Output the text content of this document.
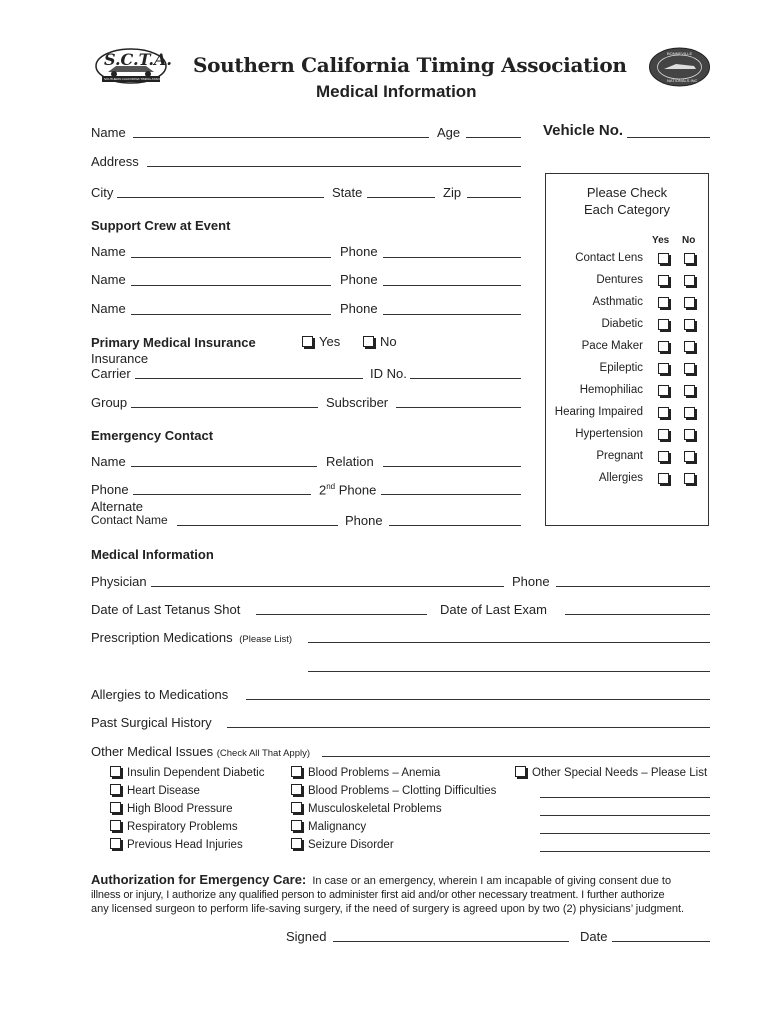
S.C.T.A.
SOUTHERN CALIFORNIA TIMING ASSOCIATION
Southern California Timing Association
Medical Information
BONNEVILLE
NATIONALS INC
Name	Age	Vehicle No.
Address
City	State	Zip
Support Crew at Event
Name	Phone
Name	Phone
Name	Phone
Primary Medical Insurance	Yes	No
Insurance
Carrier	ID No.
Group	Subscriber
Emergency Contact
Name	Relation
Phone	2nd Phone
Alternate
Contact Name	Phone
Please Check
Each Category
Yes No
Contact Lens
Dentures
Asthmatic
Diabetic
Pace Maker
Epileptic
Hemophiliac
Hearing Impaired
Hypertension
Pregnant
Allergies
Medical Information
Physician	Phone
Date of Last Tetanus Shot	Date of Last Exam
Prescription Medications (Please List)
Allergies to Medications
Past Surgical History
Other Medical Issues (Check All That Apply)
Insulin Dependent Diabetic
Heart Disease
High Blood Pressure
Respiratory Problems
Previous Head Injuries
Blood Problems – Anemia
Blood Problems – Clotting Difficulties
Musculoskeletal Problems
Malignancy
Seizure Disorder
Other Special Needs – Please List
Authorization for Emergency Care: In case or an emergency, wherein I am incapable of giving consent due to
illness or injury, I authorize any qualified person to administer first aid and/or other necessary treatment. I further authorize
any licensed surgeon to perform life-saving surgery, if the need of surgery is agreed upon by two (2) physicians’ judgment.
Signed	Date
